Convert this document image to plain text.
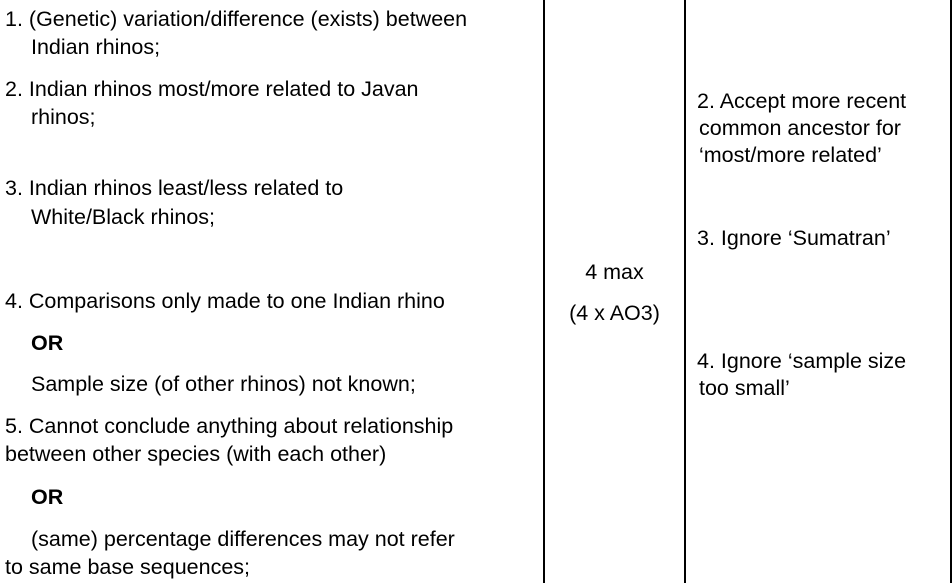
1. (Genetic) variation/difference (exists) between

Indian rhinos;

2. Indian rhinos most/more related to Javan

rhinos;

3. Indian rhinos least/less related to

White/Black rhinos;

4. Comparisons only made to one Indian rhino

OR

Sample size (of other rhinos) not known;

5. Cannot conclude anything about relationship

between other species (with each other)

OR

(same) percentage differences may not refer

to same base sequences;

4 max
(4 x AO3)

2. Accept more recent

common ancestor for

‘most/more related’

3. Ignore ‘Sumatran’

4. Ignore ‘sample size

too small’
